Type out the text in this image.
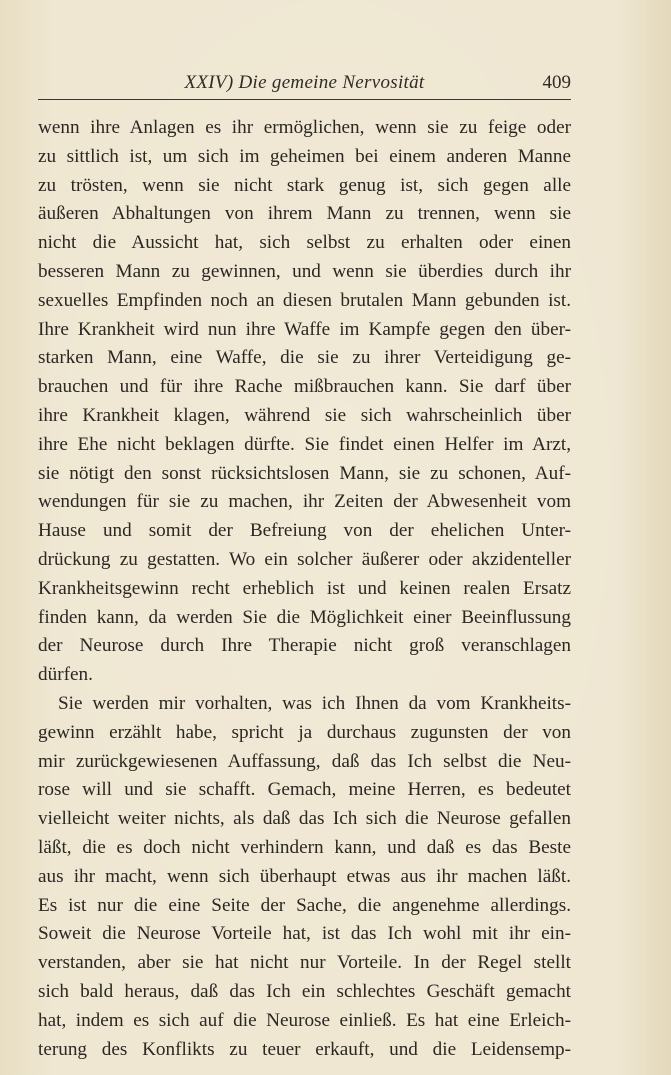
XXIV) Die gemeine Nervosität	409
wenn ihre Anlagen es ihr ermöglichen, wenn sie zu feige oder
zu sittlich ist, um sich im geheimen bei einem anderen Manne
zu trösten, wenn sie nicht stark genug ist, sich gegen alle
äußeren Abhaltungen von ihrem Mann zu trennen, wenn sie
nicht die Aussicht hat, sich selbst zu erhalten oder einen
besseren Mann zu gewinnen, und wenn sie überdies durch ihr
sexuelles Empfinden noch an diesen brutalen Mann gebunden ist.
Ihre Krankheit wird nun ihre Waffe im Kampfe gegen den über-
starken Mann, eine Waffe, die sie zu ihrer Verteidigung ge-
brauchen und für ihre Rache mißbrauchen kann. Sie darf über
ihre Krankheit klagen, während sie sich wahrscheinlich über
ihre Ehe nicht beklagen dürfte. Sie findet einen Helfer im Arzt,
sie nötigt den sonst rücksichtslosen Mann, sie zu schonen, Auf-
wendungen für sie zu machen, ihr Zeiten der Abwesenheit vom
Hause und somit der Befreiung von der ehelichen Unter-
drückung zu gestatten. Wo ein solcher äußerer oder akzidenteller
Krankheitsgewinn recht erheblich ist und keinen realen Ersatz
finden kann, da werden Sie die Möglichkeit einer Beeinflussung
der Neurose durch Ihre Therapie nicht groß veranschlagen
dürfen.
Sie werden mir vorhalten, was ich Ihnen da vom Krankheits-
gewinn erzählt habe, spricht ja durchaus zugunsten der von
mir zurückgewiesenen Auffassung, daß das Ich selbst die Neu-
rose will und sie schafft. Gemach, meine Herren, es bedeutet
vielleicht weiter nichts, als daß das Ich sich die Neurose gefallen
läßt, die es doch nicht verhindern kann, und daß es das Beste
aus ihr macht, wenn sich überhaupt etwas aus ihr machen läßt.
Es ist nur die eine Seite der Sache, die angenehme allerdings.
Soweit die Neurose Vorteile hat, ist das Ich wohl mit ihr ein-
verstanden, aber sie hat nicht nur Vorteile. In der Regel stellt
sich bald heraus, daß das Ich ein schlechtes Geschäft gemacht
hat, indem es sich auf die Neurose einließ. Es hat eine Erleich-
terung des Konflikts zu teuer erkauft, und die Leidensemp-
